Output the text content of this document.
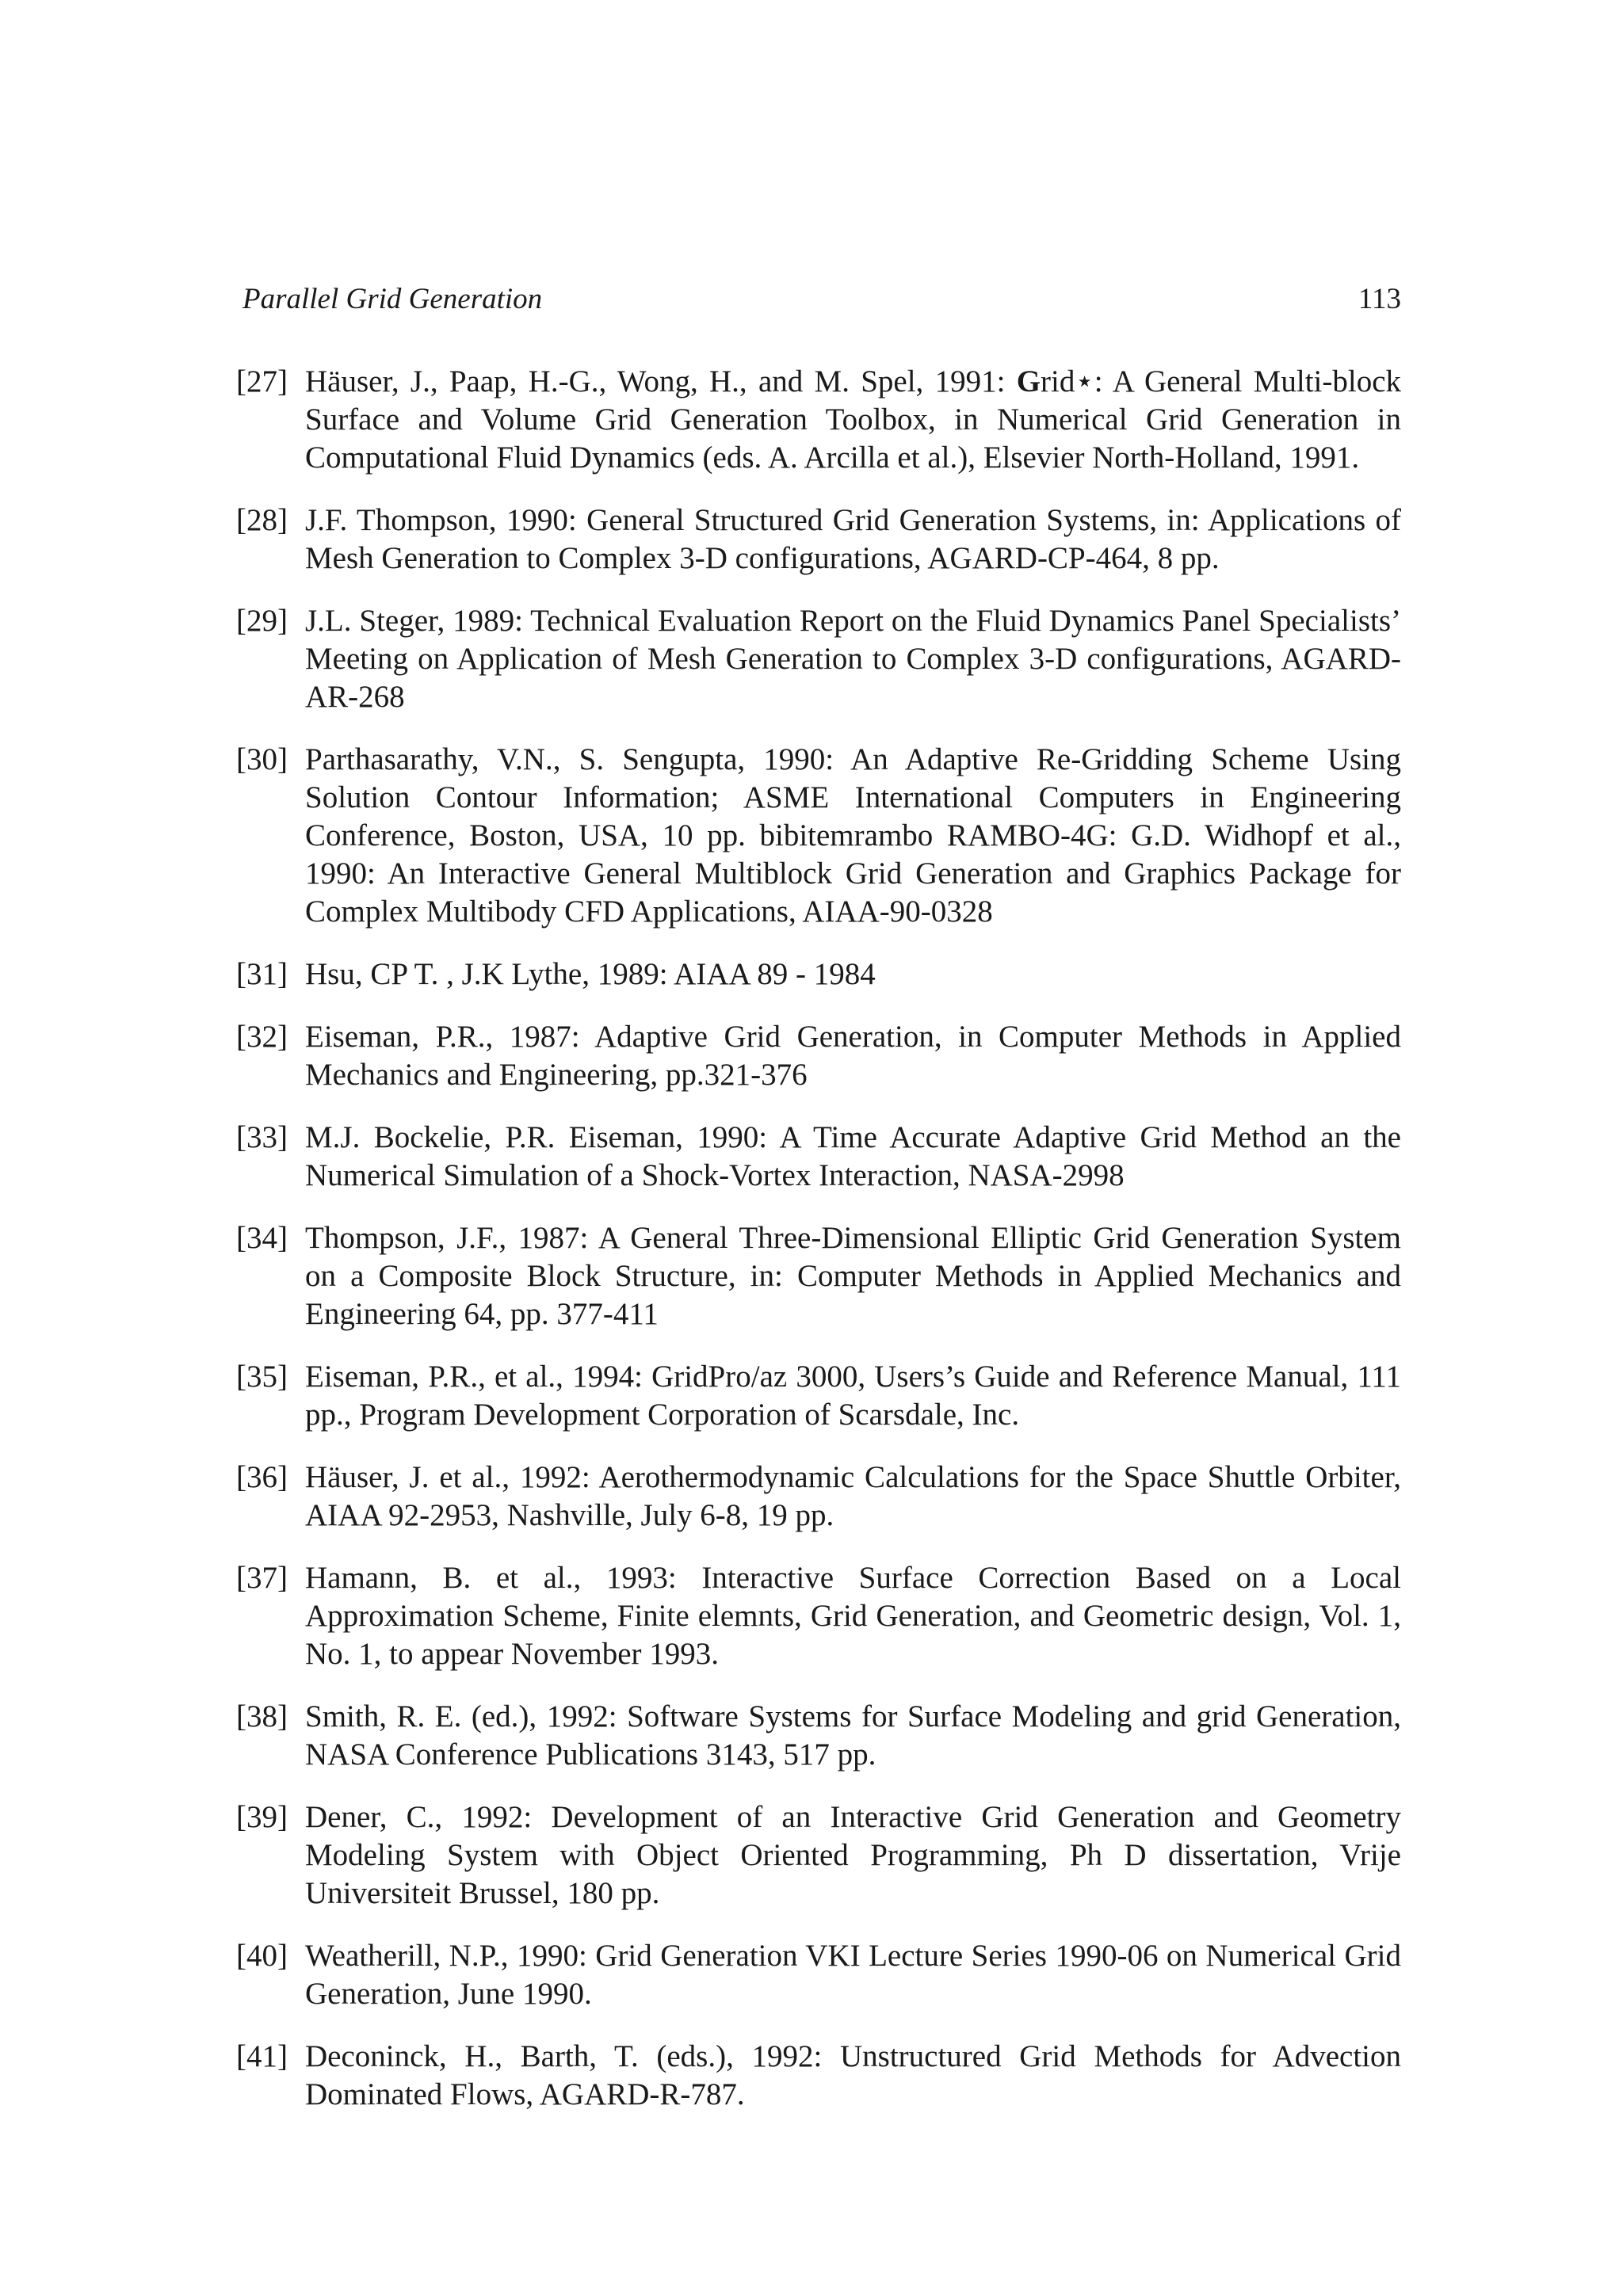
Parallel Grid Generation	113
[27] Häuser, J., Paap, H.-G., Wong, H., and M. Spel, 1991: Grid⋆: A General Multi-block Surface and Volume Grid Generation Toolbox, in Numerical Grid Generation in Computational Fluid Dynamics (eds. A. Arcilla et al.), Elsevier North-Holland, 1991.
[28] J.F. Thompson, 1990: General Structured Grid Generation Systems, in: Applications of Mesh Generation to Complex 3-D configurations, AGARD-CP-464, 8 pp.
[29] J.L. Steger, 1989: Technical Evaluation Report on the Fluid Dynamics Panel Specialists’ Meeting on Application of Mesh Generation to Complex 3-D configurations, AGARD-AR-268
[30] Parthasarathy, V.N., S. Sengupta, 1990: An Adaptive Re-Gridding Scheme Using Solution Contour Information; ASME International Computers in Engineering Conference, Boston, USA, 10 pp. bibitemrambo RAMBO-4G: G.D. Widhopf et al., 1990: An Interactive General Multiblock Grid Generation and Graphics Package for Complex Multibody CFD Applications, AIAA-90-0328
[31] Hsu, CP T. , J.K Lythe, 1989: AIAA 89 - 1984
[32] Eiseman, P.R., 1987: Adaptive Grid Generation, in Computer Methods in Applied Mechanics and Engineering, pp.321-376
[33] M.J. Bockelie, P.R. Eiseman, 1990: A Time Accurate Adaptive Grid Method an the Numerical Simulation of a Shock-Vortex Interaction, NASA-2998
[34] Thompson, J.F., 1987: A General Three-Dimensional Elliptic Grid Generation System on a Composite Block Structure, in: Computer Methods in Applied Mechanics and Engineering 64, pp. 377-411
[35] Eiseman, P.R., et al., 1994: GridPro/az 3000, Users’s Guide and Reference Manual, 111 pp., Program Development Corporation of Scarsdale, Inc.
[36] Häuser, J. et al., 1992: Aerothermodynamic Calculations for the Space Shuttle Orbiter, AIAA 92-2953, Nashville, July 6-8, 19 pp.
[37] Hamann, B. et al., 1993: Interactive Surface Correction Based on a Local Approximation Scheme, Finite elemnts, Grid Generation, and Geometric design, Vol. 1, No. 1, to appear November 1993.
[38] Smith, R. E. (ed.), 1992: Software Systems for Surface Modeling and grid Generation, NASA Conference Publications 3143, 517 pp.
[39] Dener, C., 1992: Development of an Interactive Grid Generation and Geometry Modeling System with Object Oriented Programming, Ph D dissertation, Vrije Universiteit Brussel, 180 pp.
[40] Weatherill, N.P., 1990: Grid Generation VKI Lecture Series 1990-06 on Numerical Grid Generation, June 1990.
[41] Deconinck, H., Barth, T. (eds.), 1992: Unstructured Grid Methods for Advection Dominated Flows, AGARD-R-787.
